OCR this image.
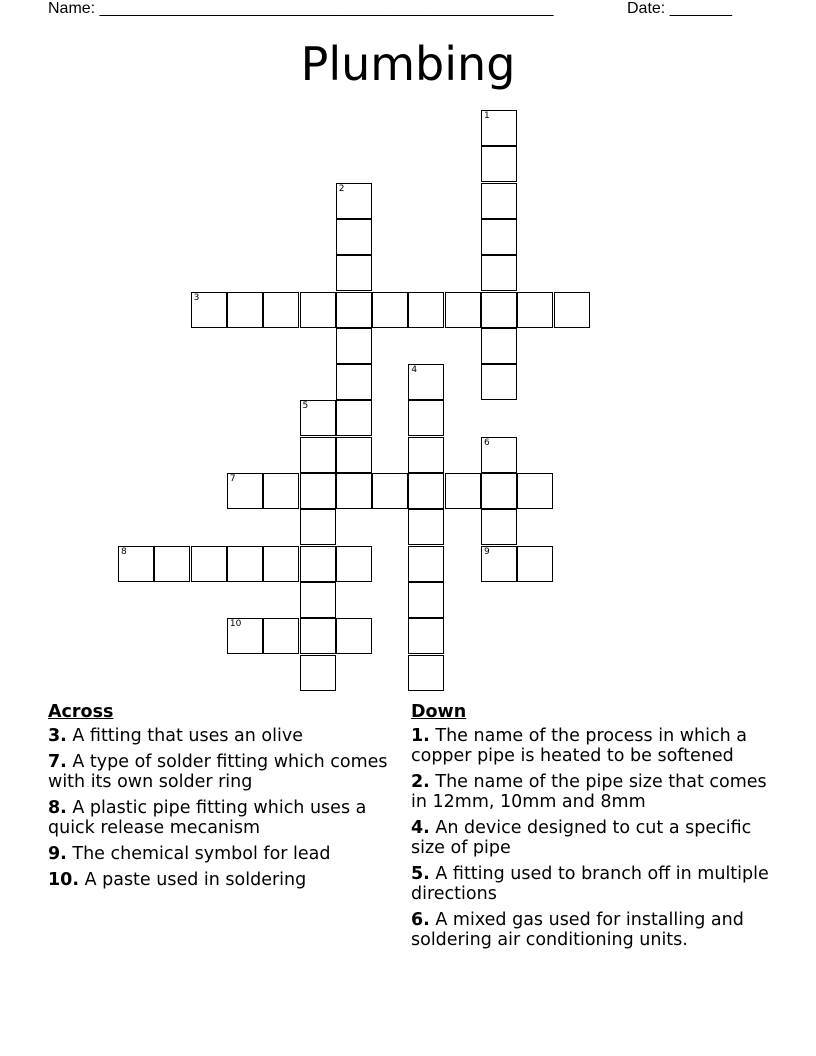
Name: ___________________________________________________	Date: _______
Plumbing
1
2
3
4
5
6
9
7
8
10
Across
3. A fitting that uses an olive
7. A type of solder fitting which comes with its own solder ring
8. A plastic pipe fitting which uses a quick release mecanism
9. The chemical symbol for lead
10. A paste used in soldering
Down
1. The name of the process in which a copper pipe is heated to be softened
2. The name of the pipe size that comes in 12mm, 10mm and 8mm
4. An device designed to cut a specific size of pipe
5. A fitting used to branch off in multiple directions
6. A mixed gas used for installing and soldering air conditioning units.
